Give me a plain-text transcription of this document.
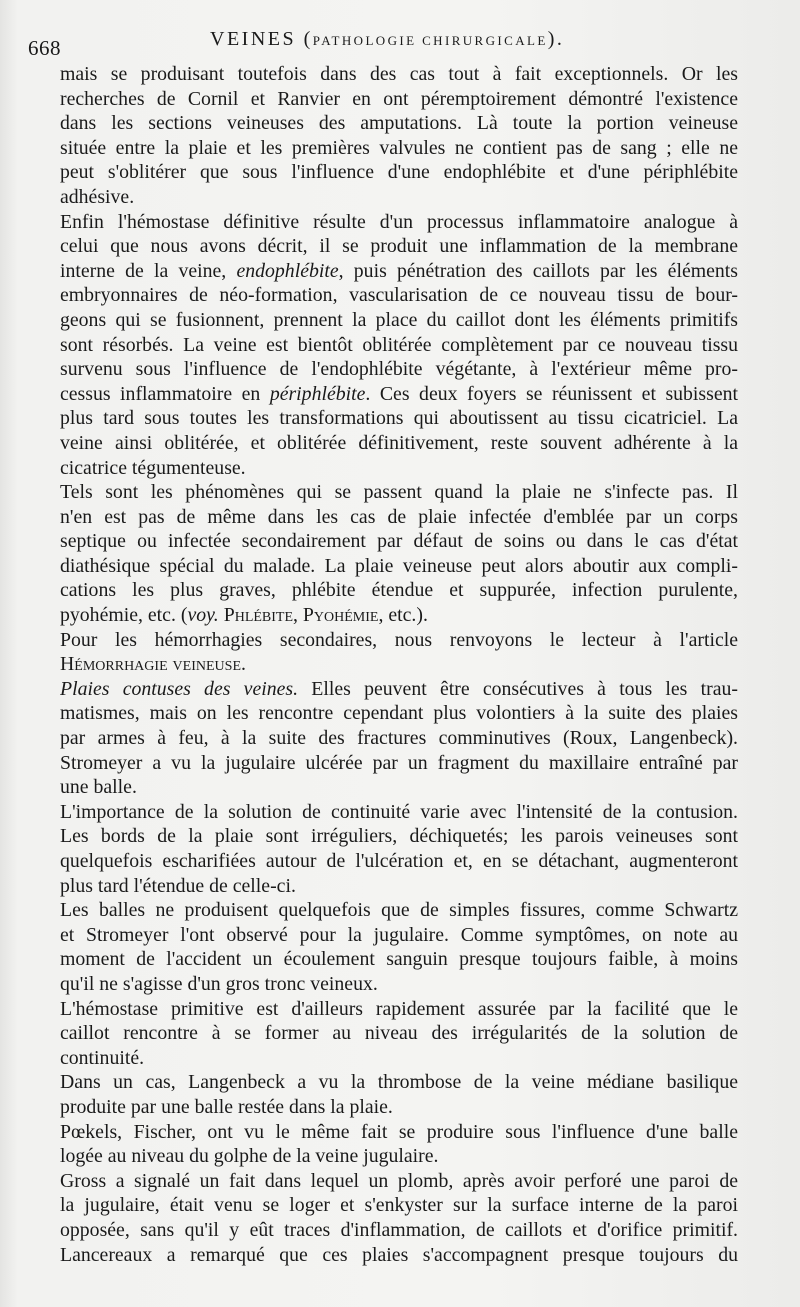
668	VEINES (PATHOLOGIE CHIRURGICALE).
mais se produisant toutefois dans des cas tout à fait exceptionnels. Or les
recherches de Cornil et Ranvier en ont péremptoirement démontré l'existence
dans les sections veineuses des amputations. Là toute la portion veineuse
située entre la plaie et les premières valvules ne contient pas de sang ; elle ne
peut s'oblitérer que sous l'influence d'une endophlébite et d'une périphlébite
adhésive.
Enfin l'hémostase définitive résulte d'un processus inflammatoire analogue à
celui que nous avons décrit, il se produit une inflammation de la membrane
interne de la veine, endophlébite, puis pénétration des caillots par les éléments
embryonnaires de néo-formation, vascularisation de ce nouveau tissu de bour-
geons qui se fusionnent, prennent la place du caillot dont les éléments primitifs
sont résorbés. La veine est bientôt oblitérée complètement par ce nouveau tissu
survenu sous l'influence de l'endophlébite végétante, à l'extérieur même pro-
cessus inflammatoire en périphlébite. Ces deux foyers se réunissent et subissent
plus tard sous toutes les transformations qui aboutissent au tissu cicatriciel. La
veine ainsi oblitérée, et oblitérée définitivement, reste souvent adhérente à la
cicatrice tégumenteuse.
Tels sont les phénomènes qui se passent quand la plaie ne s'infecte pas. Il
n'en est pas de même dans les cas de plaie infectée d'emblée par un corps
septique ou infectée secondairement par défaut de soins ou dans le cas d'état
diathésique spécial du malade. La plaie veineuse peut alors aboutir aux compli-
cations les plus graves, phlébite étendue et suppurée, infection purulente,
pyohémie, etc. (voy. Phlébite, Pyohémie, etc.).
Pour les hémorrhagies secondaires, nous renvoyons le lecteur à l'article
Hémorrhagie veineuse.
Plaies contuses des veines. Elles peuvent être consécutives à tous les trau-
matismes, mais on les rencontre cependant plus volontiers à la suite des plaies
par armes à feu, à la suite des fractures comminutives (Roux, Langenbeck).
Stromeyer a vu la jugulaire ulcérée par un fragment du maxillaire entraîné par
une balle.
L'importance de la solution de continuité varie avec l'intensité de la contusion.
Les bords de la plaie sont irréguliers, déchiquetés; les parois veineuses sont
quelquefois escharifiées autour de l'ulcération et, en se détachant, augmenteront
plus tard l'étendue de celle-ci.
Les balles ne produisent quelquefois que de simples fissures, comme Schwartz
et Stromeyer l'ont observé pour la jugulaire. Comme symptômes, on note au
moment de l'accident un écoulement sanguin presque toujours faible, à moins
qu'il ne s'agisse d'un gros tronc veineux.
L'hémostase primitive est d'ailleurs rapidement assurée par la facilité que le
caillot rencontre à se former au niveau des irrégularités de la solution de
continuité.
Dans un cas, Langenbeck a vu la thrombose de la veine médiane basilique
produite par une balle restée dans la plaie.
Pœkels, Fischer, ont vu le même fait se produire sous l'influence d'une balle
logée au niveau du golphe de la veine jugulaire.
Gross a signalé un fait dans lequel un plomb, après avoir perforé une paroi de
la jugulaire, était venu se loger et s'enkyster sur la surface interne de la paroi
opposée, sans qu'il y eût traces d'inflammation, de caillots et d'orifice primitif.
Lancereaux a remarqué que ces plaies s'accompagnent presque toujours du
